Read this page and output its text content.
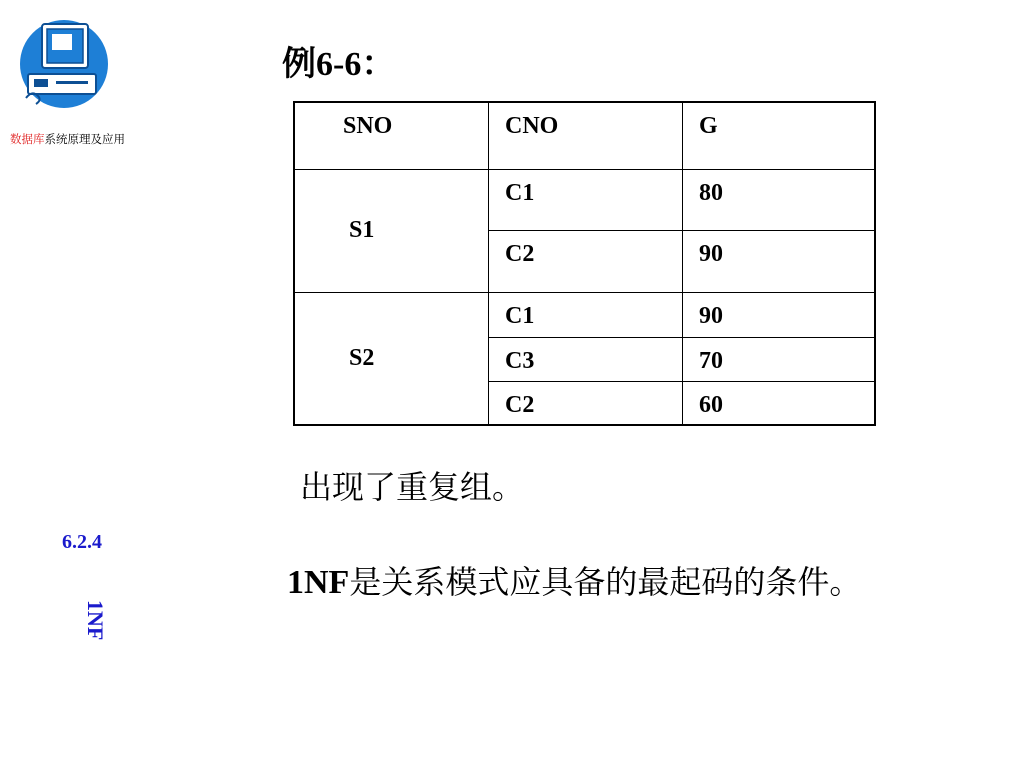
数据库系统原理及应用
6.2.4
1NF
例6-6：
SNO	CNO	G

S1	C1	80

	C2	90

S2	C1	90

	C3	70

	C2	60
出现了重复组。
1NF是关系模式应具备的最起码的条件。
